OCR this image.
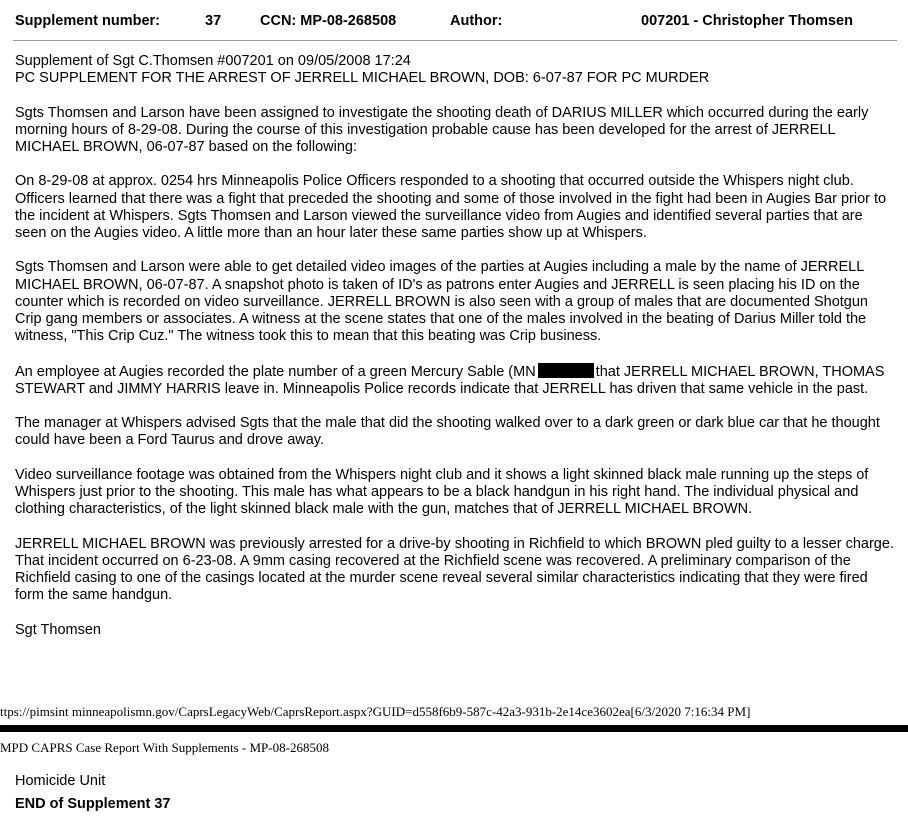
Supplement number:	37	CCN: MP-08-268508	Author:	007201 - Christopher Thomsen

Supplement of Sgt C.Thomsen #007201 on 09/05/2008 17:24

PC SUPPLEMENT FOR THE ARREST OF JERRELL MICHAEL BROWN, DOB: 6-07-87 FOR PC MURDER

Sgts Thomsen and Larson have been assigned to investigate the shooting death of DARIUS MILLER which occurred during the early morning hours of 8-29-08. During the course of this investigation probable cause has been developed for the arrest of JERRELL MICHAEL BROWN, 06-07-87 based on the following:

On 8-29-08 at approx. 0254 hrs Minneapolis Police Officers responded to a shooting that occurred outside the Whispers night club. Officers learned that there was a fight that preceded the shooting and some of those involved in the fight had been in Augies Bar prior to the incident at Whispers. Sgts Thomsen and Larson viewed the surveillance video from Augies and identified several parties that are seen on the Augies video. A little more than an hour later these same parties show up at Whispers.

Sgts Thomsen and Larson were able to get detailed video images of the parties at Augies including a male by the name of JERRELL MICHAEL BROWN, 06-07-87. A snapshot photo is taken of ID's as patrons enter Augies and JERRELL is seen placing his ID on the counter which is recorded on video surveillance. JERRELL BROWN is also seen with a group of males that are documented Shotgun Crip gang members or associates. A witness at the scene states that one of the males involved in the beating of Darius Miller told the witness, "This Crip Cuz." The witness took this to mean that this beating was Crip business.

An employee at Augies recorded the plate number of a green Mercury Sable (MN	that JERRELL MICHAEL BROWN, THOMAS STEWART and JIMMY HARRIS leave in. Minneapolis Police records indicate that JERRELL has driven that same vehicle in the past.

The manager at Whispers advised Sgts that the male that did the shooting walked over to a dark green or dark blue car that he thought could have been a Ford Taurus and drove away.

Video surveillance footage was obtained from the Whispers night club and it shows a light skinned black male running up the steps of Whispers just prior to the shooting. This male has what appears to be a black handgun in his right hand. The individual physical and clothing characteristics, of the light skinned black male with the gun, matches that of JERRELL MICHAEL BROWN.

JERRELL MICHAEL BROWN was previously arrested for a drive-by shooting in Richfield to which BROWN pled guilty to a lesser charge. That incident occurred on 6-23-08. A 9mm casing recovered at the Richfield scene was recovered. A preliminary comparison of the Richfield casing to one of the casings located at the murder scene reveal several similar characteristics indicating that they were fired form the same handgun.

Sgt Thomsen

ttps://pimsint minneapolismn.gov/CaprsLegacyWeb/CaprsReport.aspx?GUID=d558f6b9-587c-42a3-931b-2e14ce3602ea[6/3/2020 7:16:34 PM]
MPD CAPRS Case Report With Supplements - MP-08-268508
Homicide Unit
END of Supplement 37
